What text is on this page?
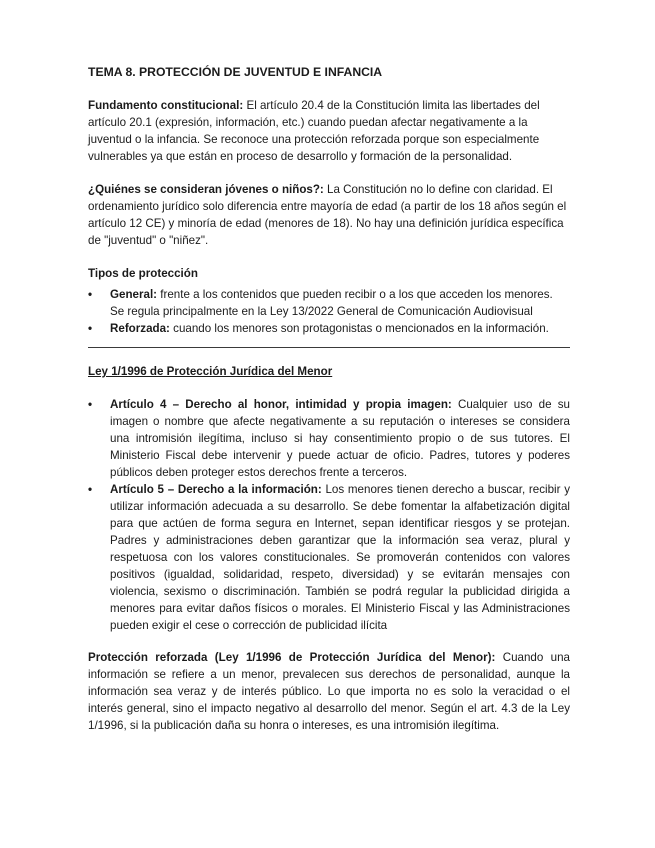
TEMA 8. PROTECCIÓN DE JUVENTUD E INFANCIA

Fundamento constitucional: El artículo 20.4 de la Constitución limita las libertades del artículo 20.1 (expresión, información, etc.) cuando puedan afectar negativamente a la juventud o la infancia. Se reconoce una protección reforzada porque son especialmente vulnerables ya que están en proceso de desarrollo y formación de la personalidad.

¿Quiénes se consideran jóvenes o niños?: La Constitución no lo define con claridad. El ordenamiento jurídico solo diferencia entre mayoría de edad (a partir de los 18 años según el artículo 12 CE) y minoría de edad (menores de 18). No hay una definición jurídica específica de "juventud" o "niñez".

Tipos de protección
•	General: frente a los contenidos que pueden recibir o a los que acceden los menores. Se regula principalmente en la Ley 13/2022 General de Comunicación Audiovisual
•	Reforzada: cuando los menores son protagonistas o mencionados en la información.
Ley 1/1996 de Protección Jurídica del Menor
•	Artículo 4 – Derecho al honor, intimidad y propia imagen: Cualquier uso de su imagen o nombre que afecte negativamente a su reputación o intereses se considera una intromisión ilegítima, incluso si hay consentimiento propio o de sus tutores. El Ministerio Fiscal debe intervenir y puede actuar de oficio. Padres, tutores y poderes públicos deben proteger estos derechos frente a terceros.
•	Artículo 5 – Derecho a la información: Los menores tienen derecho a buscar, recibir y utilizar información adecuada a su desarrollo. Se debe fomentar la alfabetización digital para que actúen de forma segura en Internet, sepan identificar riesgos y se protejan. Padres y administraciones deben garantizar que la información sea veraz, plural y respetuosa con los valores constitucionales. Se promoverán contenidos con valores positivos (igualdad, solidaridad, respeto, diversidad) y se evitarán mensajes con violencia, sexismo o discriminación. También se podrá regular la publicidad dirigida a menores para evitar daños físicos o morales. El Ministerio Fiscal y las Administraciones pueden exigir el cese o corrección de publicidad ilícita

Protección reforzada (Ley 1/1996 de Protección Jurídica del Menor): Cuando una información se refiere a un menor, prevalecen sus derechos de personalidad, aunque la información sea veraz y de interés público. Lo que importa no es solo la veracidad o el interés general, sino el impacto negativo al desarrollo del menor. Según el art. 4.3 de la Ley 1/1996, si la publicación daña su honra o intereses, es una intromisión ilegítima.
